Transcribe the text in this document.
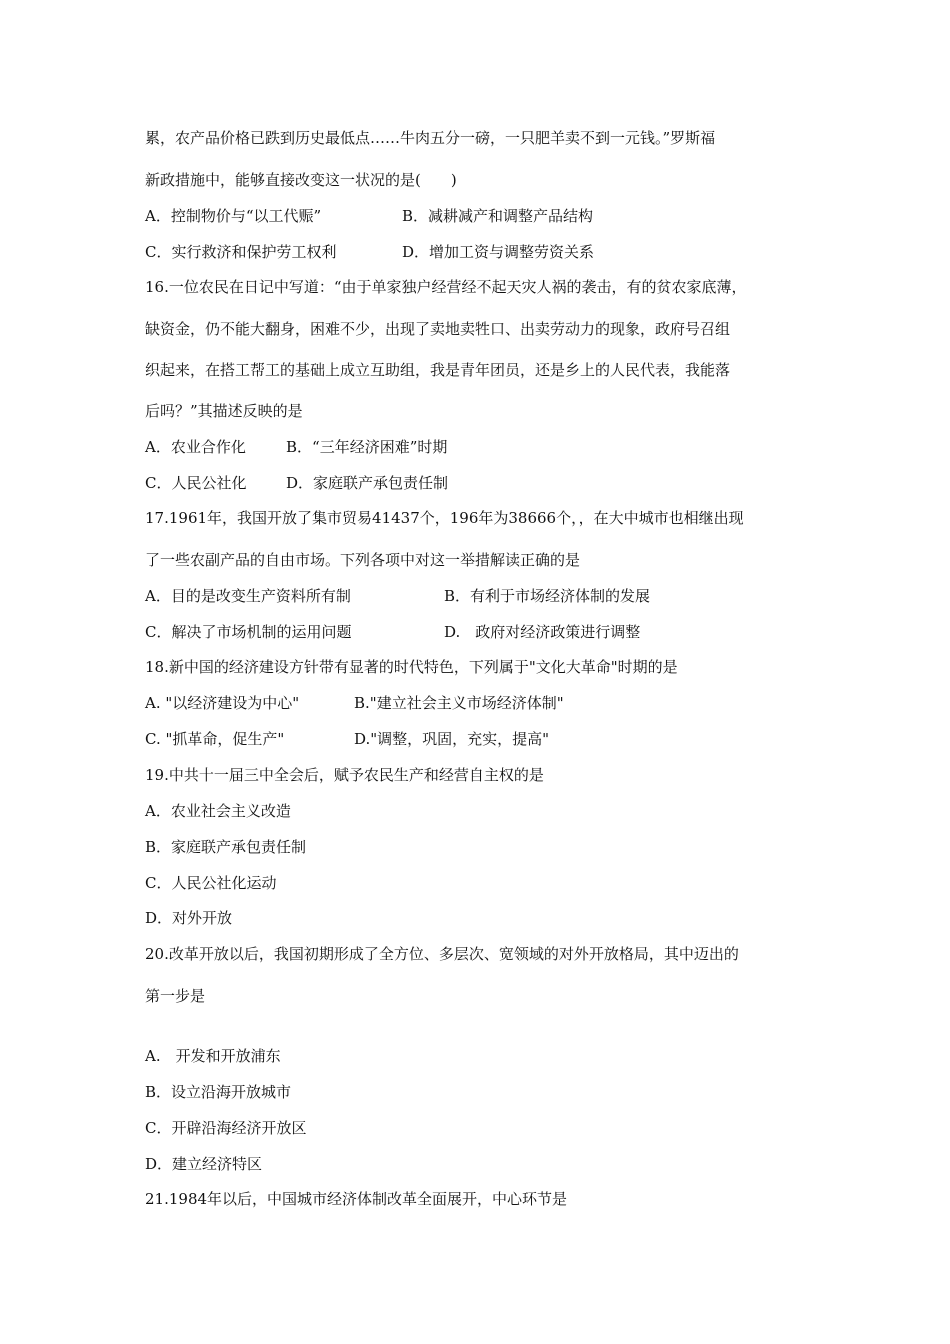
累，农产品价格已跌到历史最低点……牛肉五分一磅，一只肥羊卖不到一元钱。”罗斯福
新政措施中，能够直接改变这一状况的是(　　)
A．控制物价与“以工代赈”	B．减耕减产和调整产品结构
C．实行救济和保护劳工权利	D．增加工资与调整劳资关系
16.一位农民在日记中写道：“由于单家独户经营经不起天灾人祸的袭击，有的贫农家底薄，
缺资金，仍不能大翻身，困难不少，出现了卖地卖牲口、出卖劳动力的现象，政府号召组
织起来，在搭工帮工的基础上成立互助组，我是青年团员，还是乡上的人民代表，我能落
后吗？”其描述反映的是
A．农业合作化	B．“三年经济困难”时期
C．人民公社化	D．家庭联产承包责任制
17.1961年，我国开放了集市贸易41437个，196年为38666个，，在大中城市也相继出现
了一些农副产品的自由市场。下列各项中对这一举措解读正确的是
A．目的是改变生产资料所有制	B．有利于市场经济体制的发展
C．解决了市场机制的运用问题	D.　政府对经济政策进行调整
18.新中国的经济建设方针带有显著的时代特色，下列属于"文化大革命"时期的是
A. "以经济建设为中心"	B."建立社会主义市场经济体制"
C. "抓革命，促生产"	D."调整，巩固，充实，提高"
19.中共十一届三中全会后，赋予农民生产和经营自主权的是
A．农业社会主义改造
B．家庭联产承包责任制
C．人民公社化运动
D．对外开放
20.改革开放以后，我国初期形成了全方位、多层次、宽领域的对外开放格局，其中迈出的
第一步是
A.　开发和开放浦东
B．设立沿海开放城市
C．开辟沿海经济开放区
D．建立经济特区
21.1984年以后，中国城市经济体制改革全面展开，中心环节是
